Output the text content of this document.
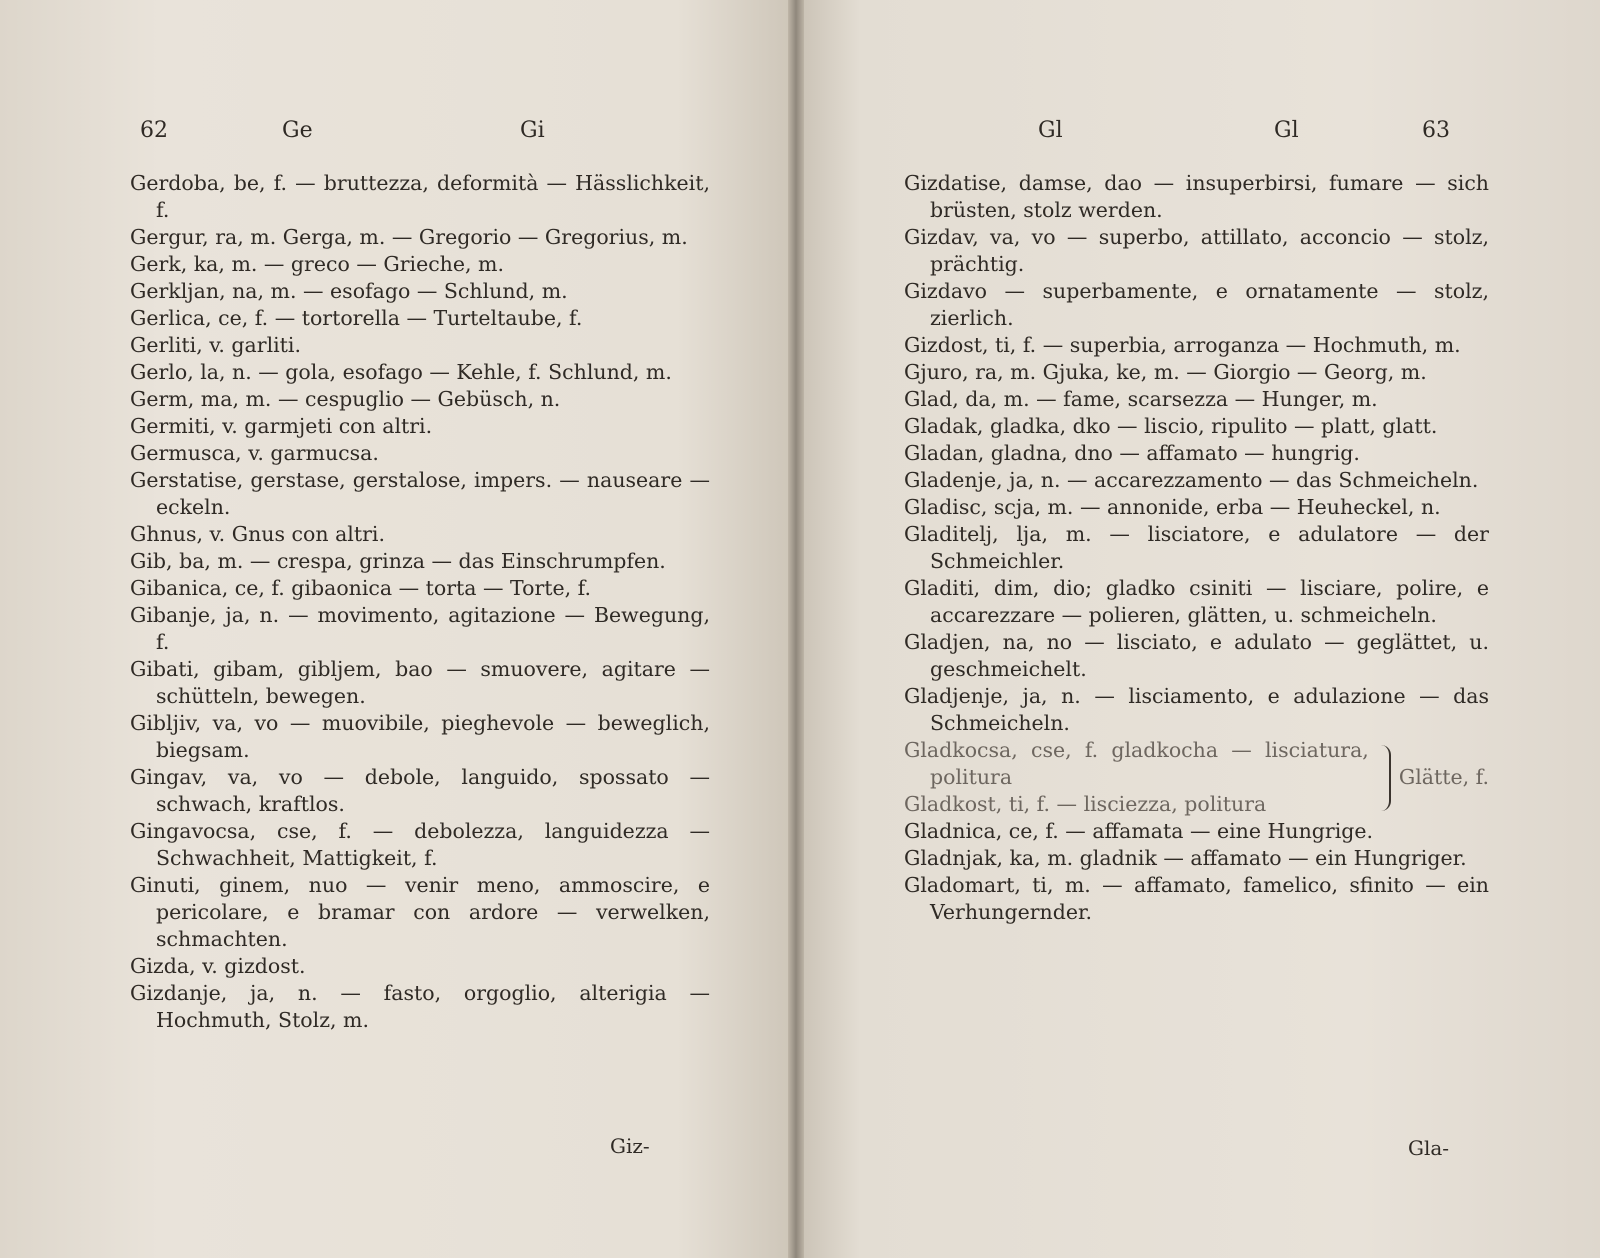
62	Ge	Gi
Gerdoba, be, f. — bruttezza, deformità — Hässlichkeit, f.
Gergur, ra, m. Gerga, m. — Gregorio — Gregorius, m.
Gerk, ka, m. — greco — Grieche, m.
Gerkljan, na, m. — esofago — Schlund, m.
Gerlica, ce, f. — tortorella — Turteltaube, f.
Gerliti, v. garliti.
Gerlo, la, n. — gola, esofago — Kehle, f. Schlund, m.
Germ, ma, m. — cespuglio — Gebüsch, n.
Germiti, v. garmjeti con altri.
Germusca, v. garmucsa.
Gerstatise, gerstase, gerstalose, impers. — nauseare — eckeln.
Ghnus, v. Gnus con altri.
Gib, ba, m. — crespa, grinza — das Einschrumpfen.
Gibanica, ce, f. gibaonica — torta — Torte, f.
Gibanje, ja, n. — movimento, agitazione — Bewegung, f.
Gibati, gibam, gibljem, bao — smuovere, agitare — schütteln, bewegen.
Gibljiv, va, vo — muovibile, pieghevole — beweglich, biegsam.
Gingav, va, vo — debole, languido, spossato — schwach, kraftlos.
Gingavocsa, cse, f. — debolezza, languidezza — Schwachheit, Mattigkeit, f.
Ginuti, ginem, nuo — venir meno, ammoscire, e pericolare, e bramar con ardore — verwelken, schmachten.
Gizda, v. gizdost.
Gizdanje, ja, n. — fasto, orgoglio, alterigia — Hochmuth, Stolz, m.
Giz-
Gl	Gl	63
Gizdatise, damse, dao — insuperbirsi, fumare — sich brüsten, stolz werden.
Gizdav, va, vo — superbo, attillato, acconcio — stolz, prächtig.
Gizdavo — superbamente, e ornatamente — stolz, zierlich.
Gizdost, ti, f. — superbia, arroganza — Hochmuth, m.
Gjuro, ra, m. Gjuka, ke, m. — Giorgio — Georg, m.
Glad, da, m. — fame, scarsezza — Hunger, m.
Gladak, gladka, dko — liscio, ripulito — platt, glatt.
Gladan, gladna, dno — affamato — hungrig.
Gladenje, ja, n. — accarezzamento — das Schmeicheln.
Gladisc, scja, m. — annonide, erba — Heuheckel, n.
Gladitelj, lja, m. — lisciatore, e adulatore — der Schmeichler.
Gladiti, dim, dio; gladko csiniti — lisciare, polire, e accarezzare — polieren, glätten, u. schmeicheln.
Gladjen, na, no — lisciato, e adulato — geglättet, u. geschmeichelt.
Gladjenje, ja, n. — lisciamento, e adulazione — das Schmeicheln.
Gladkocsa, cse, f. gladkocha — lisciatura, politura
Gladkost, ti, f. — lisciezza, politura
Glätte, f.
Gladnica, ce, f. — affamata — eine Hungrige.
Gladnjak, ka, m. gladnik — affamato — ein Hungriger.
Gladomart, ti, m. — affamato, famelico, sfinito — ein Verhungernder.
Gla-
